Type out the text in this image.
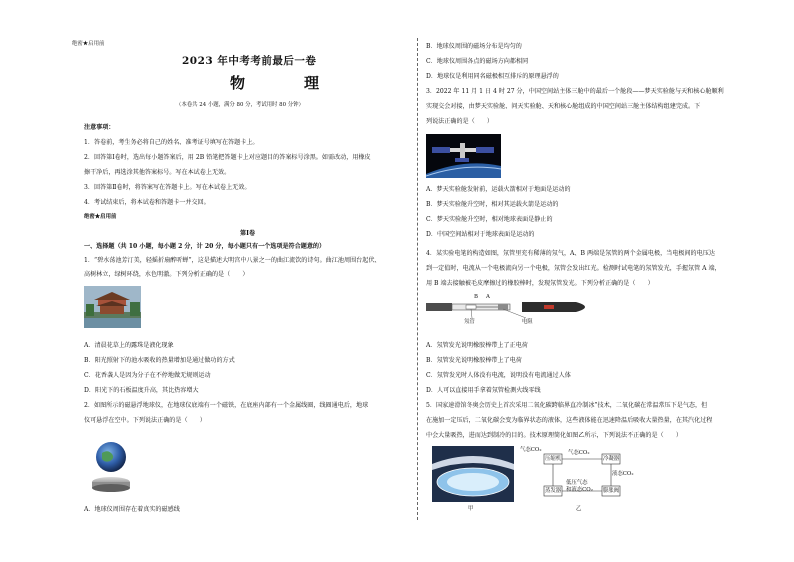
绝密★启用前
2023 年中考考前最后一卷
物　理
（本卷共 24 小题，满分 80 分，考试用时 80 分钟）
注意事项：
1．答卷前，考生务必将自己的姓名、准考证号填写在答题卡上。
2．回答第Ⅰ卷时，选出每小题答案后，用 2B 铅笔把答题卡上对应题目的答案标号涂黑。如需改动，用橡皮
擦干净后，再选涂其他答案标号。写在本试卷上无效。
3．回答第Ⅱ卷时，将答案写在答题卡上。写在本试卷上无效。
4．考试结束后，将本试卷和答题卡一并交回。
绝密★启用前
第Ⅰ卷
一、选择题（共 10 小题，每小题 2 分，计 20 分，每小题只有一个选项是符合题意的）
1．“碧水荡池芳汀美，轻摇折扇醉听蝉”，这是描述大明宫中八景之一的曲江流饮的诗句。曲江池周围台起伏、
高树林立，绿树环绕，水色明澈。下列分析正确的是（　　）
A．清晨花草上的露珠是液化现象
B．阳光照射下的池水吸收的热量增加是通过做功的方式
C．花香袭人是因为分子在不停地做无规则运动
D．阳光下的石板温度升高，其比热容增大
2．如图所示的磁悬浮地球仪，在地球仪底端有一个磁铁，在底座内部有一个金属线圈，线圈通电后，地球
仪可悬浮在空中。下列说法正确的是（　　）
A．地球仪周围存在着真实的磁感线
B．地球仪周围的磁场分布是均匀的
C．地球仪周围各点的磁场方向都相同
D．地球仪是利用同名磁极相互排斥的原理悬浮的
3．2022 年 11 月 1 日 4 时 27 分，中国空间站主体三舱中的最后一个舱段——梦天实验舱与天和核心舱顺利
实现交会对接，由梦天实验舱、问天实验舱、天和核心舱组成的中国空间站三舱主体结构组建完成。下
列说法正确的是（　　）
A．梦天实验舱发射前，运载火箭相对于地面是运动的
B．梦天实验舱升空时，相对其运载火箭是运动的
C．梦天实验舱升空时，相对地球表面是静止的
D．中国空间站相对于地球表面是运动的
4．某实验电笔的构造如图，氖管里充有稀薄的氖气，A、B 两端是氖管的两个金属电极，当电极间的电压达
到一定值时，电流从一个电极流向另一个电极，氖管会发出红光。检测时试电笔的氖管发光，手握氖管 A 端，
用 B 端去接触被毛皮摩擦过的橡胶棒时，发现氖管发光。下列分析正确的是（　　）
B A
氖管	电阻
A．氖管发光说明橡胶棒带上了正电荷
B．氖管发光说明橡胶棒带上了电荷
C．氖管发光时人体没有电流，说明没有电流通过人体
D．人可以直接用手拿着氖管检测火线零线
5．国家速滑馆冬奥会历史上首次采用二氧化碳跨临界直冷制冰”技术，二氧化碳在常温常压下是气态，但
在施加一定压后，二氧化碳会变为临界状态的液体，这些液体能在迅速降温后吸收大量热量，在其汽化过程
中会大量吸热，进而达到制冷的目的。技术原理简化如图乙所示，下列说法不正确的是（　　）
甲
气态CO₂
压缩机
气态CO₂
冷凝器
液态CO₂
低压气态
和液态CO₂ 膨胀阀
蒸发器
乙
